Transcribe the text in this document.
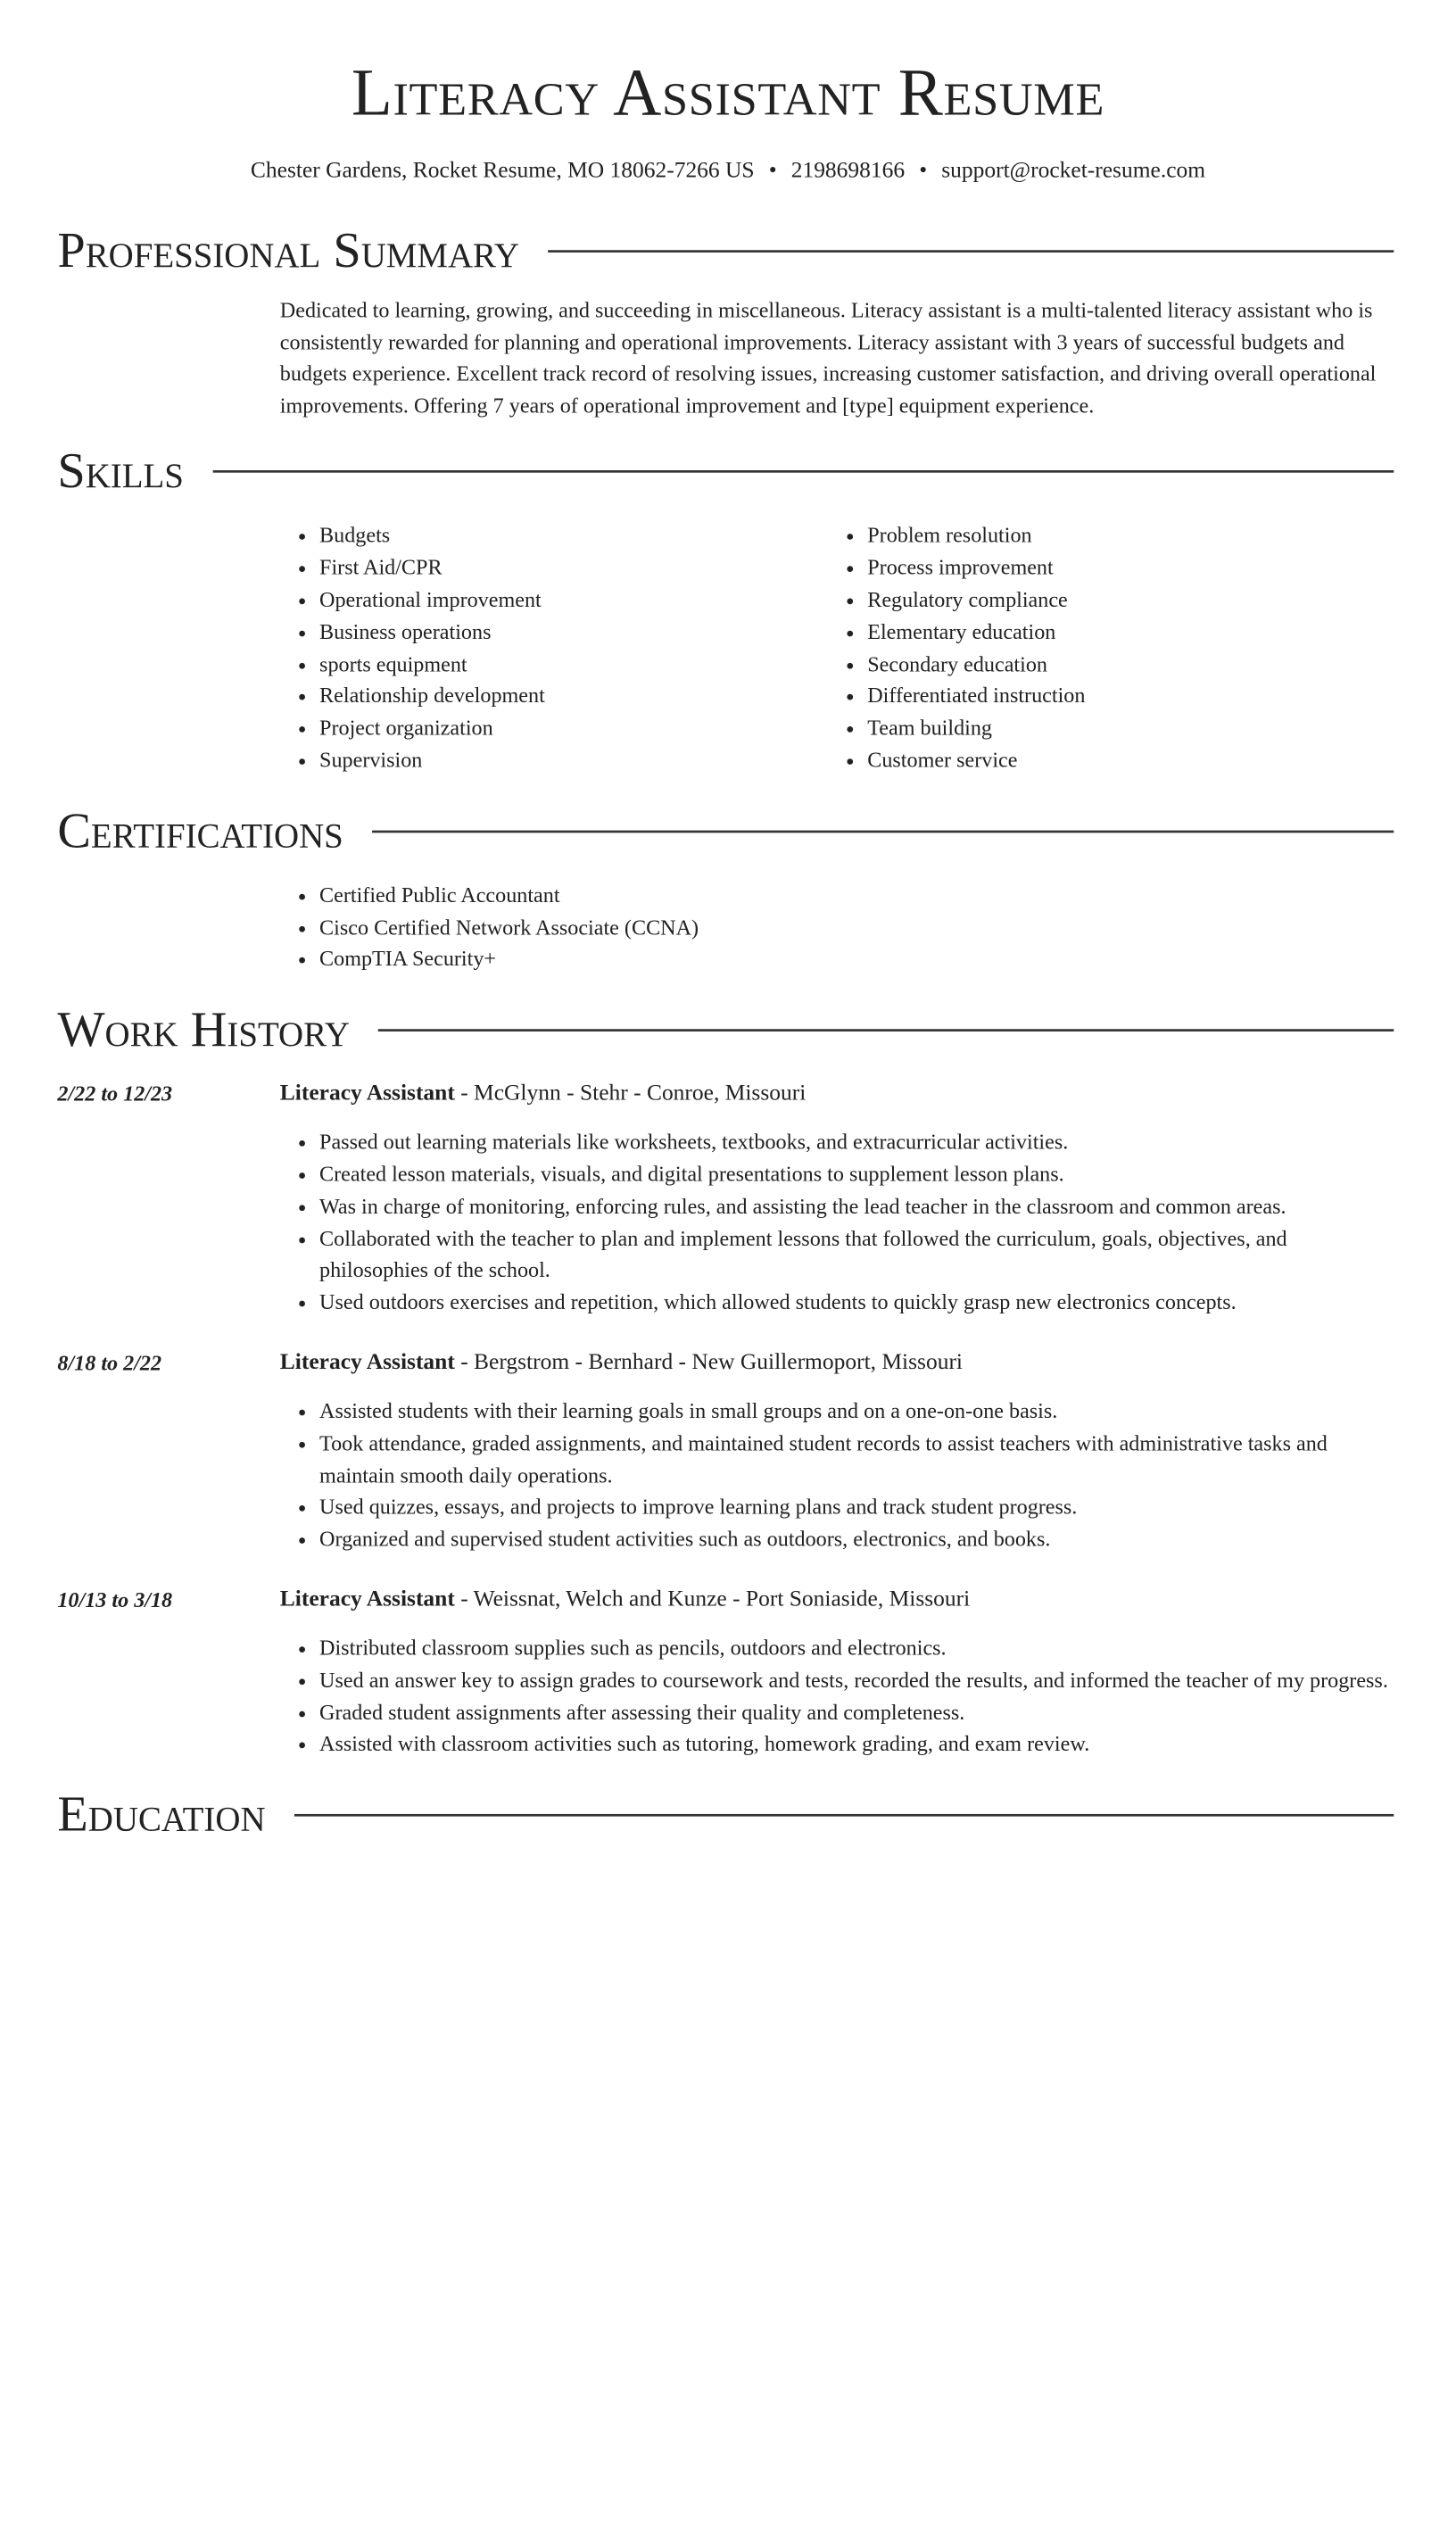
Literacy Assistant Resume
Chester Gardens, Rocket Resume, MO 18062-7266 US • 2198698166 • support@rocket-resume.com
Professional Summary
Dedicated to learning, growing, and succeeding in miscellaneous. Literacy assistant is a multi-talented literacy assistant who is consistently rewarded for planning and operational improvements. Literacy assistant with 3 years of successful budgets and budgets experience. Excellent track record of resolving issues, increasing customer satisfaction, and driving overall operational improvements. Offering 7 years of operational improvement and [type] equipment experience.
Skills
• Budgets
• First Aid/CPR
• Operational improvement
• Business operations
• sports equipment
• Relationship development
• Project organization
• Supervision
• Problem resolution
• Process improvement
• Regulatory compliance
• Elementary education
• Secondary education
• Differentiated instruction
• Team building
• Customer service
Certifications
• Certified Public Accountant
• Cisco Certified Network Associate (CCNA)
• CompTIA Security+
Work History
2/22 to 12/23	Literacy Assistant - McGlynn - Stehr - Conroe, Missouri
• Passed out learning materials like worksheets, textbooks, and extracurricular activities.
• Created lesson materials, visuals, and digital presentations to supplement lesson plans.
• Was in charge of monitoring, enforcing rules, and assisting the lead teacher in the classroom and common areas.
• Collaborated with the teacher to plan and implement lessons that followed the curriculum, goals, objectives, and philosophies of the school.
• Used outdoors exercises and repetition, which allowed students to quickly grasp new electronics concepts.
8/18 to 2/22	Literacy Assistant - Bergstrom - Bernhard - New Guillermoport, Missouri
• Assisted students with their learning goals in small groups and on a one-on-one basis.
• Took attendance, graded assignments, and maintained student records to assist teachers with administrative tasks and maintain smooth daily operations.
• Used quizzes, essays, and projects to improve learning plans and track student progress.
• Organized and supervised student activities such as outdoors, electronics, and books.
10/13 to 3/18	Literacy Assistant - Weissnat, Welch and Kunze - Port Soniaside, Missouri
• Distributed classroom supplies such as pencils, outdoors and electronics.
• Used an answer key to assign grades to coursework and tests, recorded the results, and informed the teacher of my progress.
• Graded student assignments after assessing their quality and completeness.
• Assisted with classroom activities such as tutoring, homework grading, and exam review.
Education
